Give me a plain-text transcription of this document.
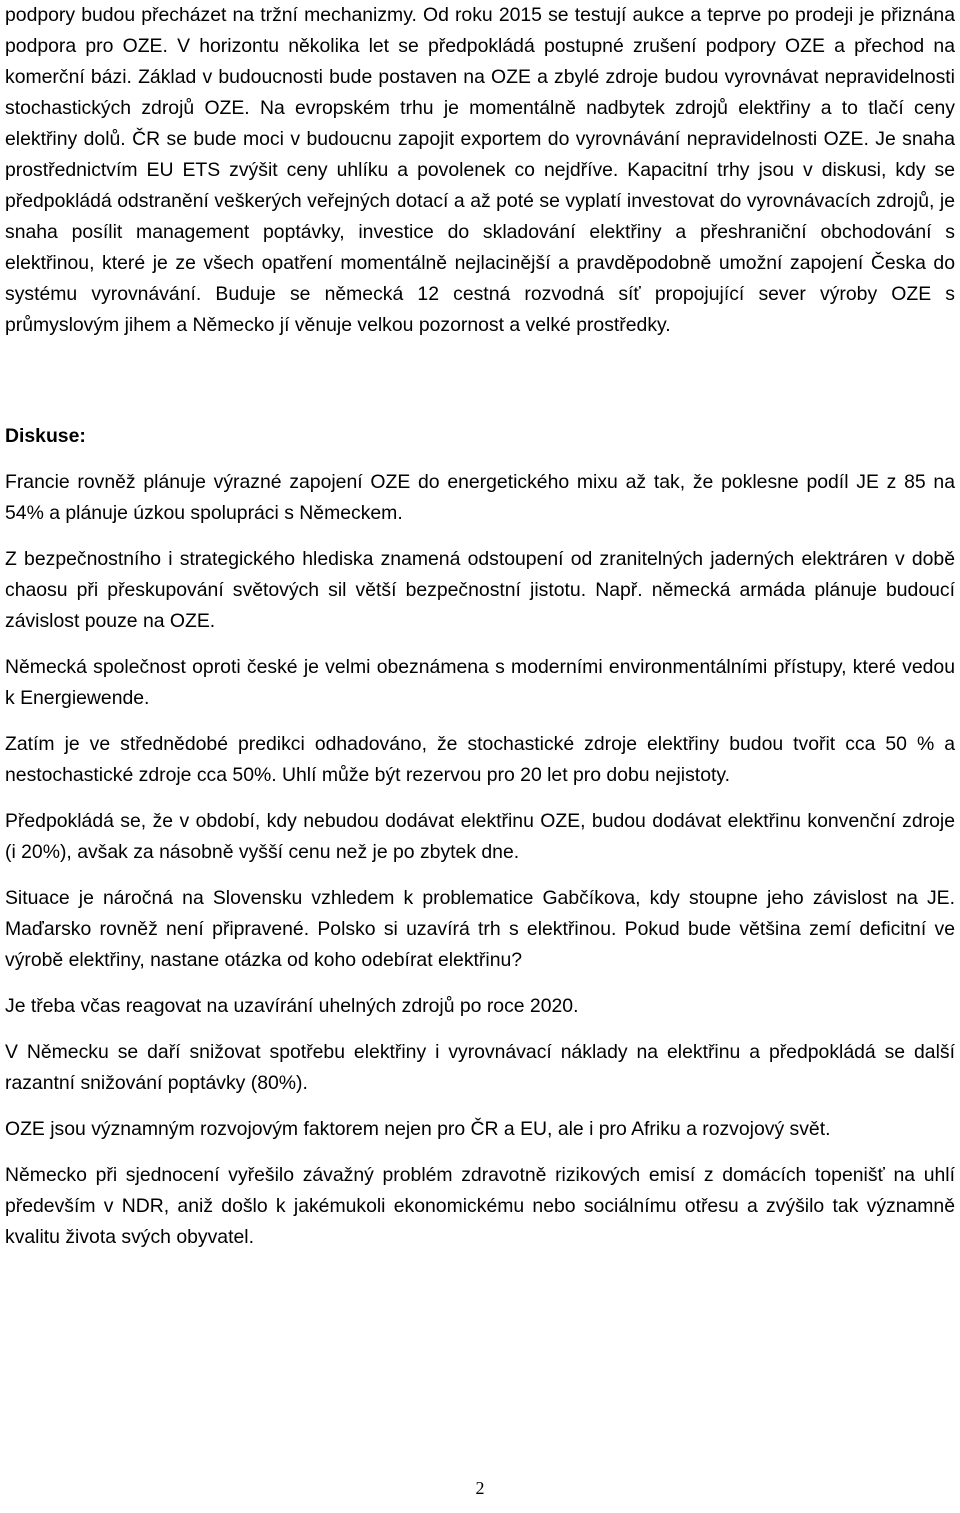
podpory budou přecházet na tržní mechanizmy. Od roku 2015 se testují aukce a teprve po prodeji je přiznána podpora pro OZE. V horizontu několika let se předpokládá postupné zrušení podpory OZE a přechod na komerční bázi. Základ v budoucnosti bude postaven na OZE a zbylé zdroje budou vyrovnávat nepravidelnosti stochastických zdrojů OZE. Na evropském trhu je momentálně nadbytek zdrojů elektřiny a to tlačí ceny elektřiny dolů. ČR se bude moci v budoucnu zapojit exportem do vyrovnávání nepravidelnosti OZE. Je snaha prostřednictvím EU ETS zvýšit ceny uhlíku a povolenek co nejdříve. Kapacitní trhy jsou v diskusi, kdy se předpokládá odstranění veškerých veřejných dotací a až poté se vyplatí investovat do vyrovnávacích zdrojů, je snaha posílit management poptávky, investice do skladování elektřiny a přeshraniční obchodování s elektřinou, které je ze všech opatření momentálně nejlacinější a pravděpodobně umožní zapojení Česka do systému vyrovnávání. Buduje se německá 12 cestná rozvodná síť propojující sever výroby OZE s průmyslovým jihem a Německo jí věnuje velkou pozornost a velké prostředky.

Diskuse:

Francie rovněž plánuje výrazné zapojení OZE do energetického mixu až tak, že poklesne podíl JE z 85 na 54% a plánuje úzkou spolupráci s Německem.

Z bezpečnostního i strategického hlediska znamená odstoupení od zranitelných jaderných elektráren v době chaosu při přeskupování světových sil větší bezpečnostní jistotu. Např. německá armáda plánuje budoucí závislost pouze na OZE.

Německá společnost oproti české je velmi obeznámena s moderními environmentálními přístupy, které vedou k Energiewende.

Zatím je ve střednědobé predikci odhadováno, že stochastické zdroje elektřiny budou tvořit cca 50 % a nestochastické zdroje cca 50%. Uhlí může být rezervou pro 20 let pro dobu nejistoty.

Předpokládá se, že v období, kdy nebudou dodávat elektřinu OZE, budou dodávat elektřinu konvenční zdroje (i 20%), avšak za násobně vyšší cenu než je po zbytek dne.

Situace je náročná na Slovensku vzhledem k problematice Gabčíkova, kdy stoupne jeho závislost na JE. Maďarsko rovněž není připravené. Polsko si uzavírá trh s elektřinou. Pokud bude většina zemí deficitní ve výrobě elektřiny, nastane otázka od koho odebírat elektřinu?

Je třeba včas reagovat na uzavírání uhelných zdrojů po roce 2020.

V Německu se daří snižovat spotřebu elektřiny i vyrovnávací náklady na elektřinu a předpokládá se další razantní snižování poptávky (80%).

OZE jsou významným rozvojovým faktorem nejen pro ČR a EU, ale i pro Afriku a rozvojový svět.

Německo při sjednocení vyřešilo závažný problém zdravotně rizikových emisí z domácích topenišť na uhlí především v NDR, aniž došlo k jakémukoli ekonomickému nebo sociálnímu otřesu a zvýšilo tak významně kvalitu života svých obyvatel.

2
